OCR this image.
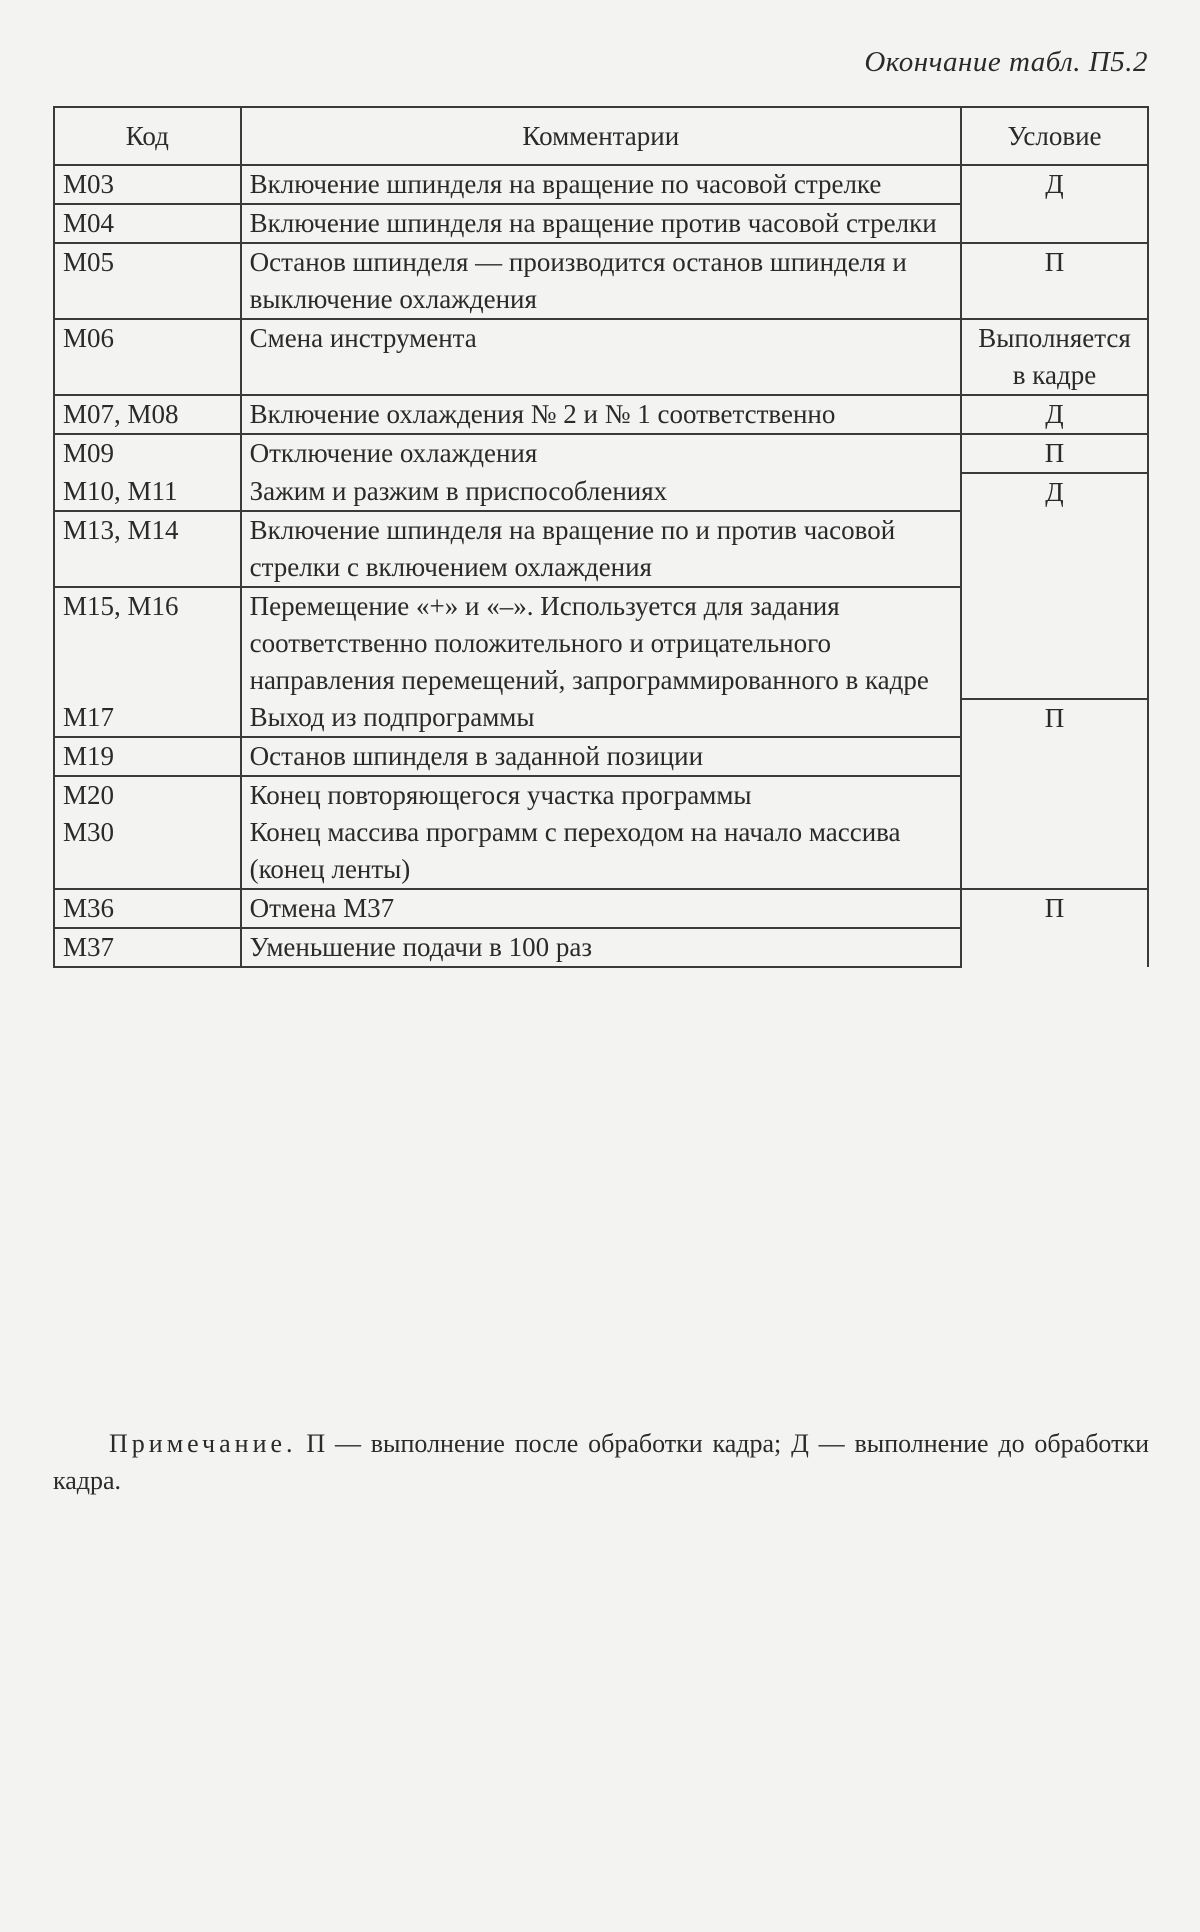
Окончание табл. П5.2
Код	Комментарии	Условие
М03	Включение шпинделя на вращение по часовой стрелке	Д
М04	Включение шпинделя на вращение против часовой стрелки	
М05	Останов шпинделя — производится останов шпинделя и выключение охлаждения	П
М06	Смена инструмента	Выполняется в кадре
М07, М08	Включение охлаждения № 2 и № 1 соответственно	Д
М09	Отключение охлаждения	П
М10, М11	Зажим и разжим в приспособлениях	Д
М13, М14	Включение шпинделя на вращение по и против часовой стрелки с включением охлаждения	
М15, М16	Перемещение «+» и «–». Используется для задания соответственно положительного и отрицательного направления перемещений, запрограммированного в кадре	
М17	Выход из подпрограммы	П
М19	Останов шпинделя в заданной позиции	
М20	Конец повторяющегося участка программы	
М30	Конец массива программ с переходом на начало массива (конец ленты)	
М36	Отмена М37	П
М37	Уменьшение подачи в 100 раз	
Примечание. П — выполнение после обработки кадра; Д — выполнение до обработки кадра.
